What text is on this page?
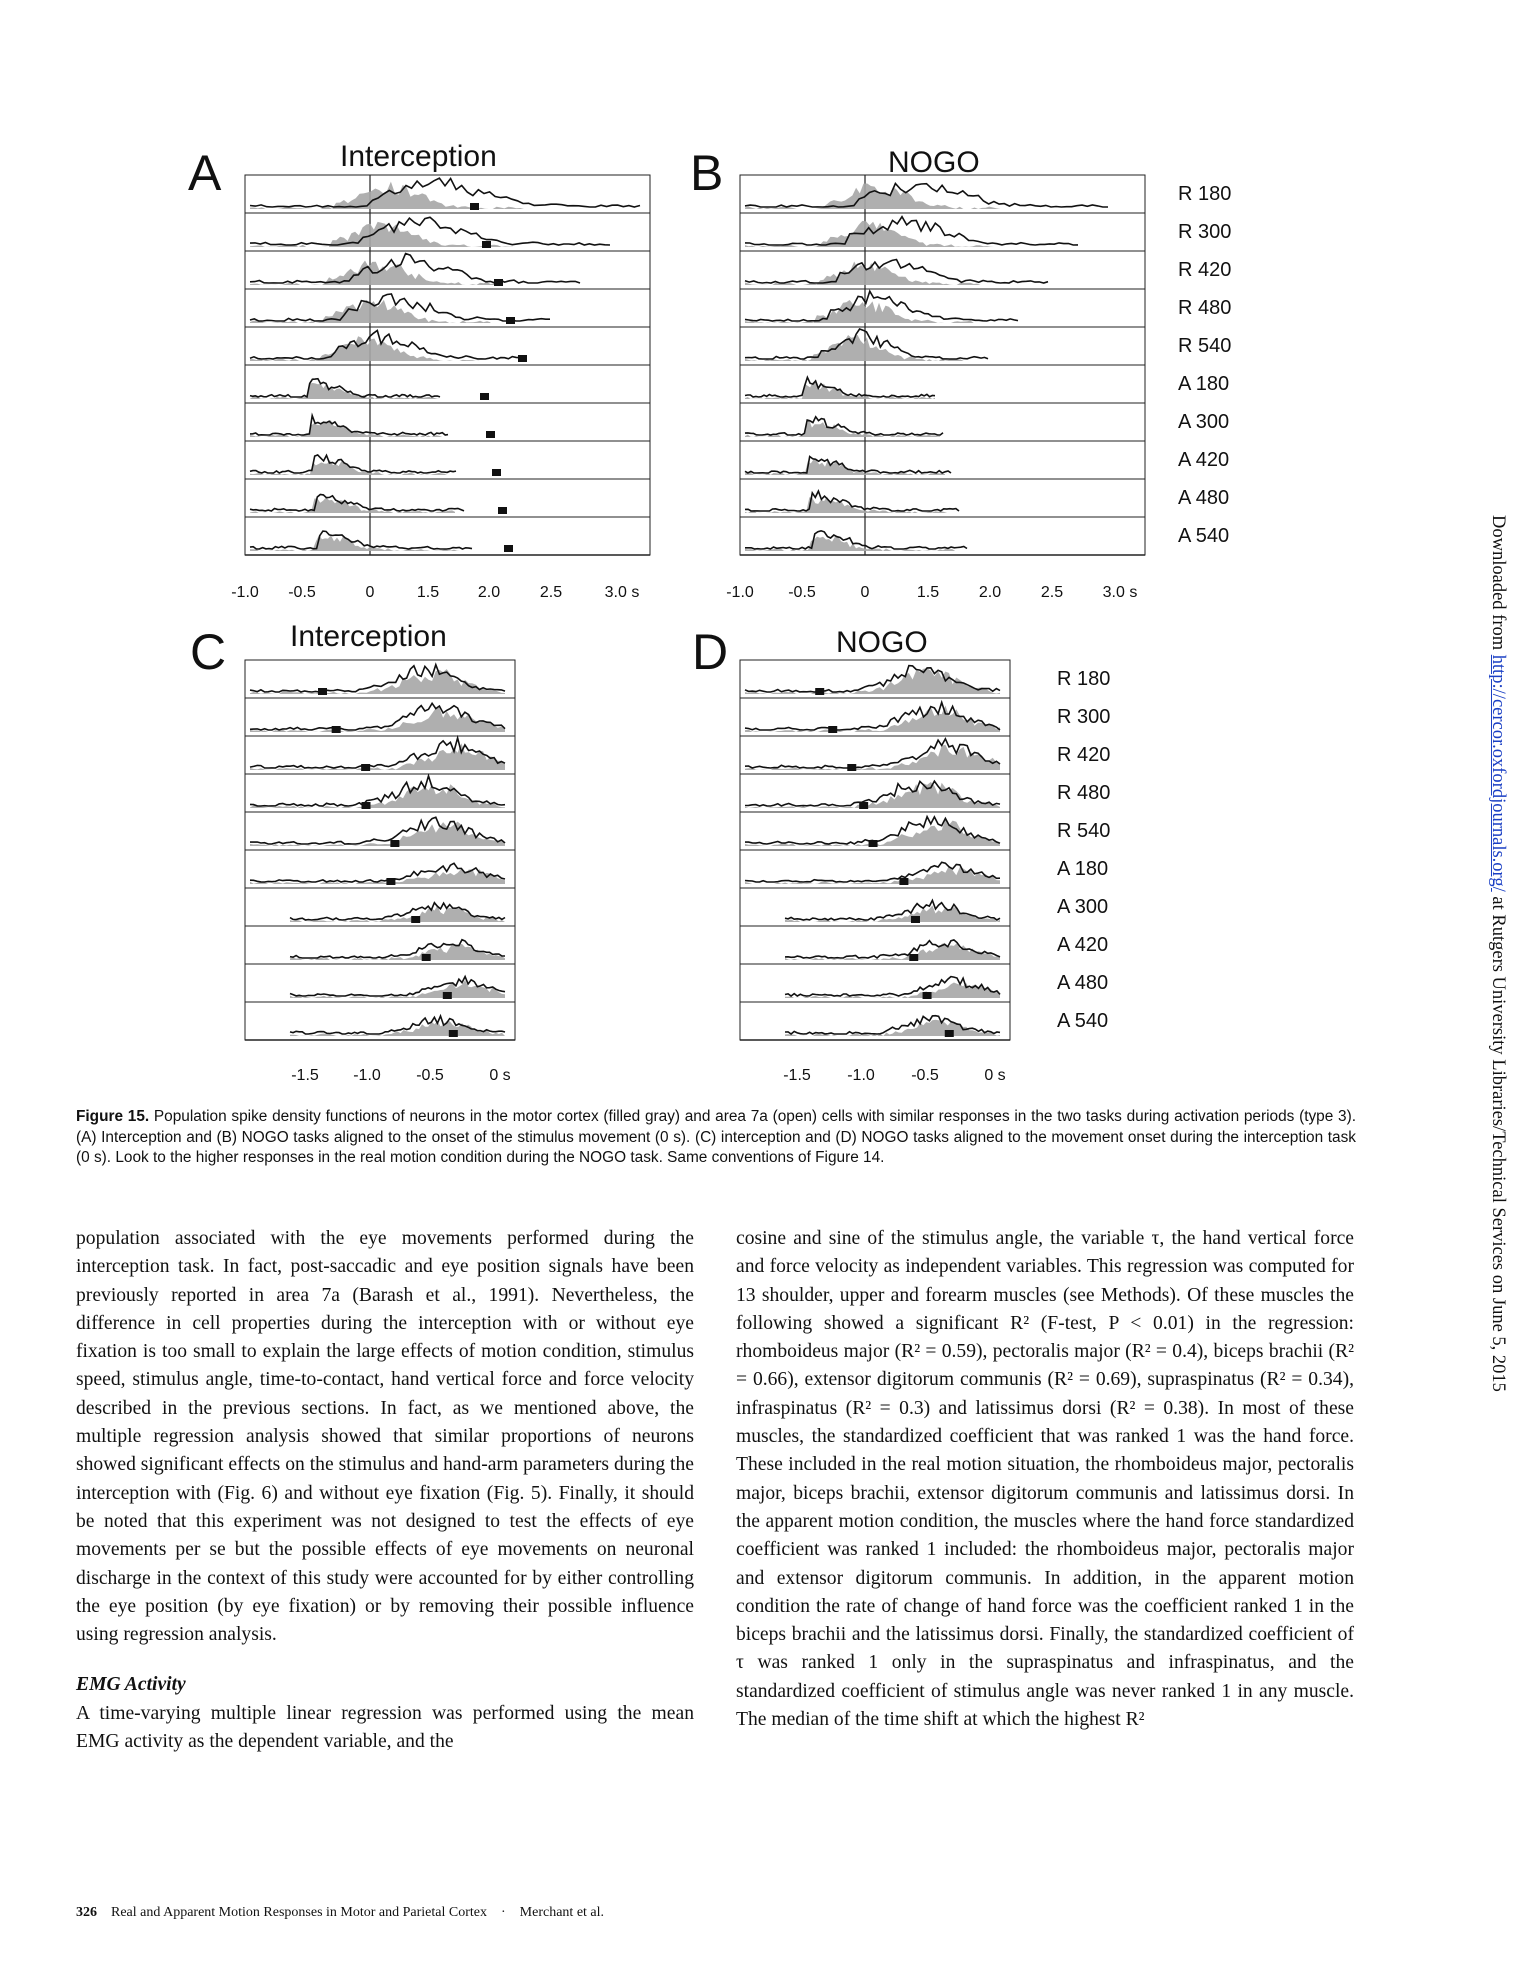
A	Interception	B	NOGO
C Interception	D	NOGO
R 180
R 300
R 420
R 480
R 540
A 180
A 300
A 420
A 480
A 540
R 180
R 300
R 420
R 480
R 540
A 180
A 300
A 420
A 480
A 540
-1.0 -0.5	0	1.5 2.0 2.5	3.0 s	-1.0 -0.5	0	1.5 2.0 2.5 3.0 s
-1.5 -1.0 -0.5	0 s	-1.5 -1.0 -0.5	0 s
Figure 15. Population spike density functions of neurons in the motor cortex (filled gray) and area 7a (open) cells with similar responses in the two tasks during activation periods (type 3). (A) Interception and (B) NOGO tasks aligned to the onset of the stimulus movement (0 s). (C) interception and (D) NOGO tasks aligned to the movement onset during the interception task (0 s). Look to the higher responses in the real motion condition during the NOGO task. Same conventions of Figure 14.

population associated with the eye movements performed during the interception task. In fact, post-saccadic and eye position signals have been previously reported in area 7a (Barash et al., 1991). Nevertheless, the difference in cell properties during the interception with or without eye fixation is too small to explain the large effects of motion condition, stimulus speed, stimulus angle, time-to-contact, hand vertical force and force velocity described in the previous sections. In fact, as we mentioned above, the multiple regression analysis showed that similar proportions of neurons showed significant effects on the stimulus and hand-arm parameters during the interception with (Fig. 6) and without eye fixation (Fig. 5). Finally, it should be noted that this experiment was not designed to test the effects of eye movements per se but the possible effects of eye movements on neuronal discharge in the context of this study were accounted for by either controlling the eye position (by eye fixation) or by removing their possible influence using regression analysis.

EMG Activity

A time-varying multiple linear regression was performed using the mean EMG activity as the dependent variable, and the

cosine and sine of the stimulus angle, the variable τ, the hand vertical force and force velocity as independent variables. This regression was computed for 13 shoulder, upper and forearm muscles (see Methods). Of these muscles the following showed a significant R² (F-test, P < 0.01) in the regression: rhomboideus major (R² = 0.59), pectoralis major (R² = 0.4), biceps brachii (R² = 0.66), extensor digitorum communis (R² = 0.69), supraspinatus (R² = 0.34), infraspinatus (R² = 0.3) and latissimus dorsi (R² = 0.38). In most of these muscles, the standardized coefficient that was ranked 1 was the hand force. These included in the real motion situation, the rhomboideus major, pectoralis major, biceps brachii, extensor digitorum communis and latissimus dorsi. In the apparent motion condition, the muscles where the hand force standardized coefficient was ranked 1 included: the rhomboideus major, pectoralis major and extensor digitorum communis. In addition, in the apparent motion condition the rate of change of hand force was the coefficient ranked 1 in the biceps brachii and the latissimus dorsi. Finally, the standardized coefficient of τ was ranked 1 only in the supraspinatus and infraspinatus, and the standardized coefficient of stimulus angle was never ranked 1 in any muscle. The median of the time shift at which the highest R²

326 Real and Apparent Motion Responses in Motor and Parietal Cortex · Merchant et al.
Downloaded from http://cercor.oxfordjournals.org/ at Rutgers University Libraries/Technical Services on June 5, 2015
